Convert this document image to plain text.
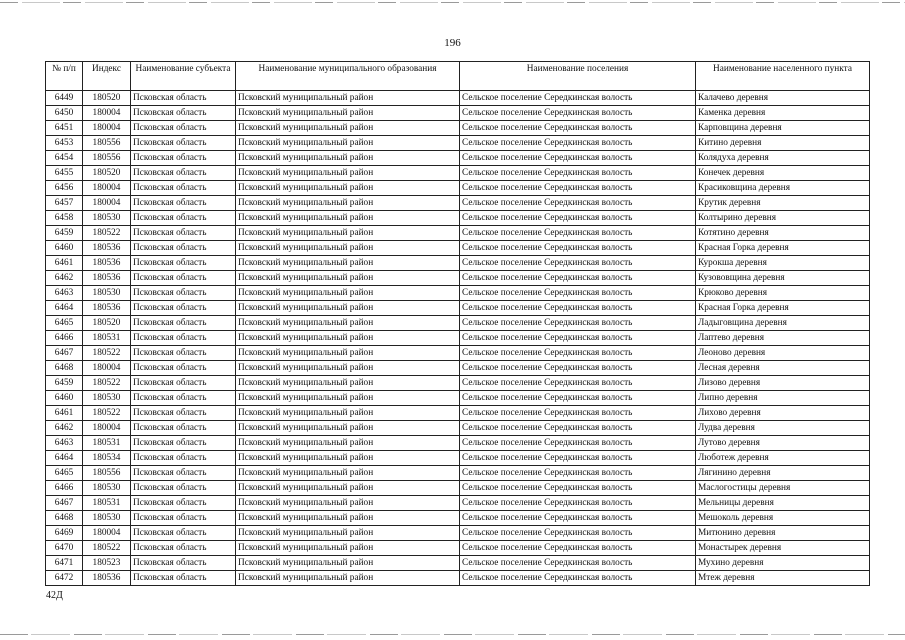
196
№ п/п	Индекс	Наименование субъекта	Наименование муниципального образования	Наименование поселения	Наименование населенного пункта
6449	180520	Псковская область	Псковский муниципальный район	Сельское поселение Середкинская волость	Калачево деревня
6450	180004	Псковская область	Псковский муниципальный район	Сельское поселение Середкинская волость	Каменка деревня
6451	180004	Псковская область	Псковский муниципальный район	Сельское поселение Середкинская волость	Карповщина деревня
6453	180556	Псковская область	Псковский муниципальный район	Сельское поселение Середкинская волость	Китино деревня
6454	180556	Псковская область	Псковский муниципальный район	Сельское поселение Середкинская волость	Колядуха деревня
6455	180520	Псковская область	Псковский муниципальный район	Сельское поселение Середкинская волость	Конечек деревня
6456	180004	Псковская область	Псковский муниципальный район	Сельское поселение Середкинская волость	Красиковщина деревня
6457	180004	Псковская область	Псковский муниципальный район	Сельское поселение Середкинская волость	Крутик деревня
6458	180530	Псковская область	Псковский муниципальный район	Сельское поселение Середкинская волость	Колтырино деревня
6459	180522	Псковская область	Псковский муниципальный район	Сельское поселение Середкинская волость	Котятино деревня
6460	180536	Псковская область	Псковский муниципальный район	Сельское поселение Середкинская волость	Красная Горка деревня
6461	180536	Псковская область	Псковский муниципальный район	Сельское поселение Середкинская волость	Курокша деревня
6462	180536	Псковская область	Псковский муниципальный район	Сельское поселение Середкинская волость	Кузововщина деревня
6463	180530	Псковская область	Псковский муниципальный район	Сельское поселение Середкинская волость	Крюково деревня
6464	180536	Псковская область	Псковский муниципальный район	Сельское поселение Середкинская волость	Красная Горка деревня
6465	180520	Псковская область	Псковский муниципальный район	Сельское поселение Середкинская волость	Ладыговщина деревня
6466	180531	Псковская область	Псковский муниципальный район	Сельское поселение Середкинская волость	Лаптево деревня
6467	180522	Псковская область	Псковский муниципальный район	Сельское поселение Середкинская волость	Леоново деревня
6468	180004	Псковская область	Псковский муниципальный район	Сельское поселение Середкинская волость	Лесная деревня
6459	180522	Псковская область	Псковский муниципальный район	Сельское поселение Середкинская волость	Лизово деревня
6460	180530	Псковская область	Псковский муниципальный район	Сельское поселение Середкинская волость	Липно деревня
6461	180522	Псковская область	Псковский муниципальный район	Сельское поселение Середкинская волость	Лихово деревня
6462	180004	Псковская область	Псковский муниципальный район	Сельское поселение Середкинская волость	Лудва деревня
6463	180531	Псковская область	Псковский муниципальный район	Сельское поселение Середкинская волость	Лутово деревня
6464	180534	Псковская область	Псковский муниципальный район	Сельское поселение Середкинская волость	Люботеж деревня
6465	180556	Псковская область	Псковский муниципальный район	Сельское поселение Середкинская волость	Лягинино деревня
6466	180530	Псковская область	Псковский муниципальный район	Сельское поселение Середкинская волость	Маслогостицы деревня
6467	180531	Псковская область	Псковский муниципальный район	Сельское поселение Середкинская волость	Мельницы деревня
6468	180530	Псковская область	Псковский муниципальный район	Сельское поселение Середкинская волость	Мешоколь деревня
6469	180004	Псковская область	Псковский муниципальный район	Сельское поселение Середкинская волость	Митюнино деревня
6470	180522	Псковская область	Псковский муниципальный район	Сельское поселение Середкинская волость	Монастырек деревня
6471	180523	Псковская область	Псковский муниципальный район	Сельское поселение Середкинская волость	Мухино деревня
6472	180536	Псковская область	Псковский муниципальный район	Сельское поселение Середкинская волость	Мтеж деревня
42Д
